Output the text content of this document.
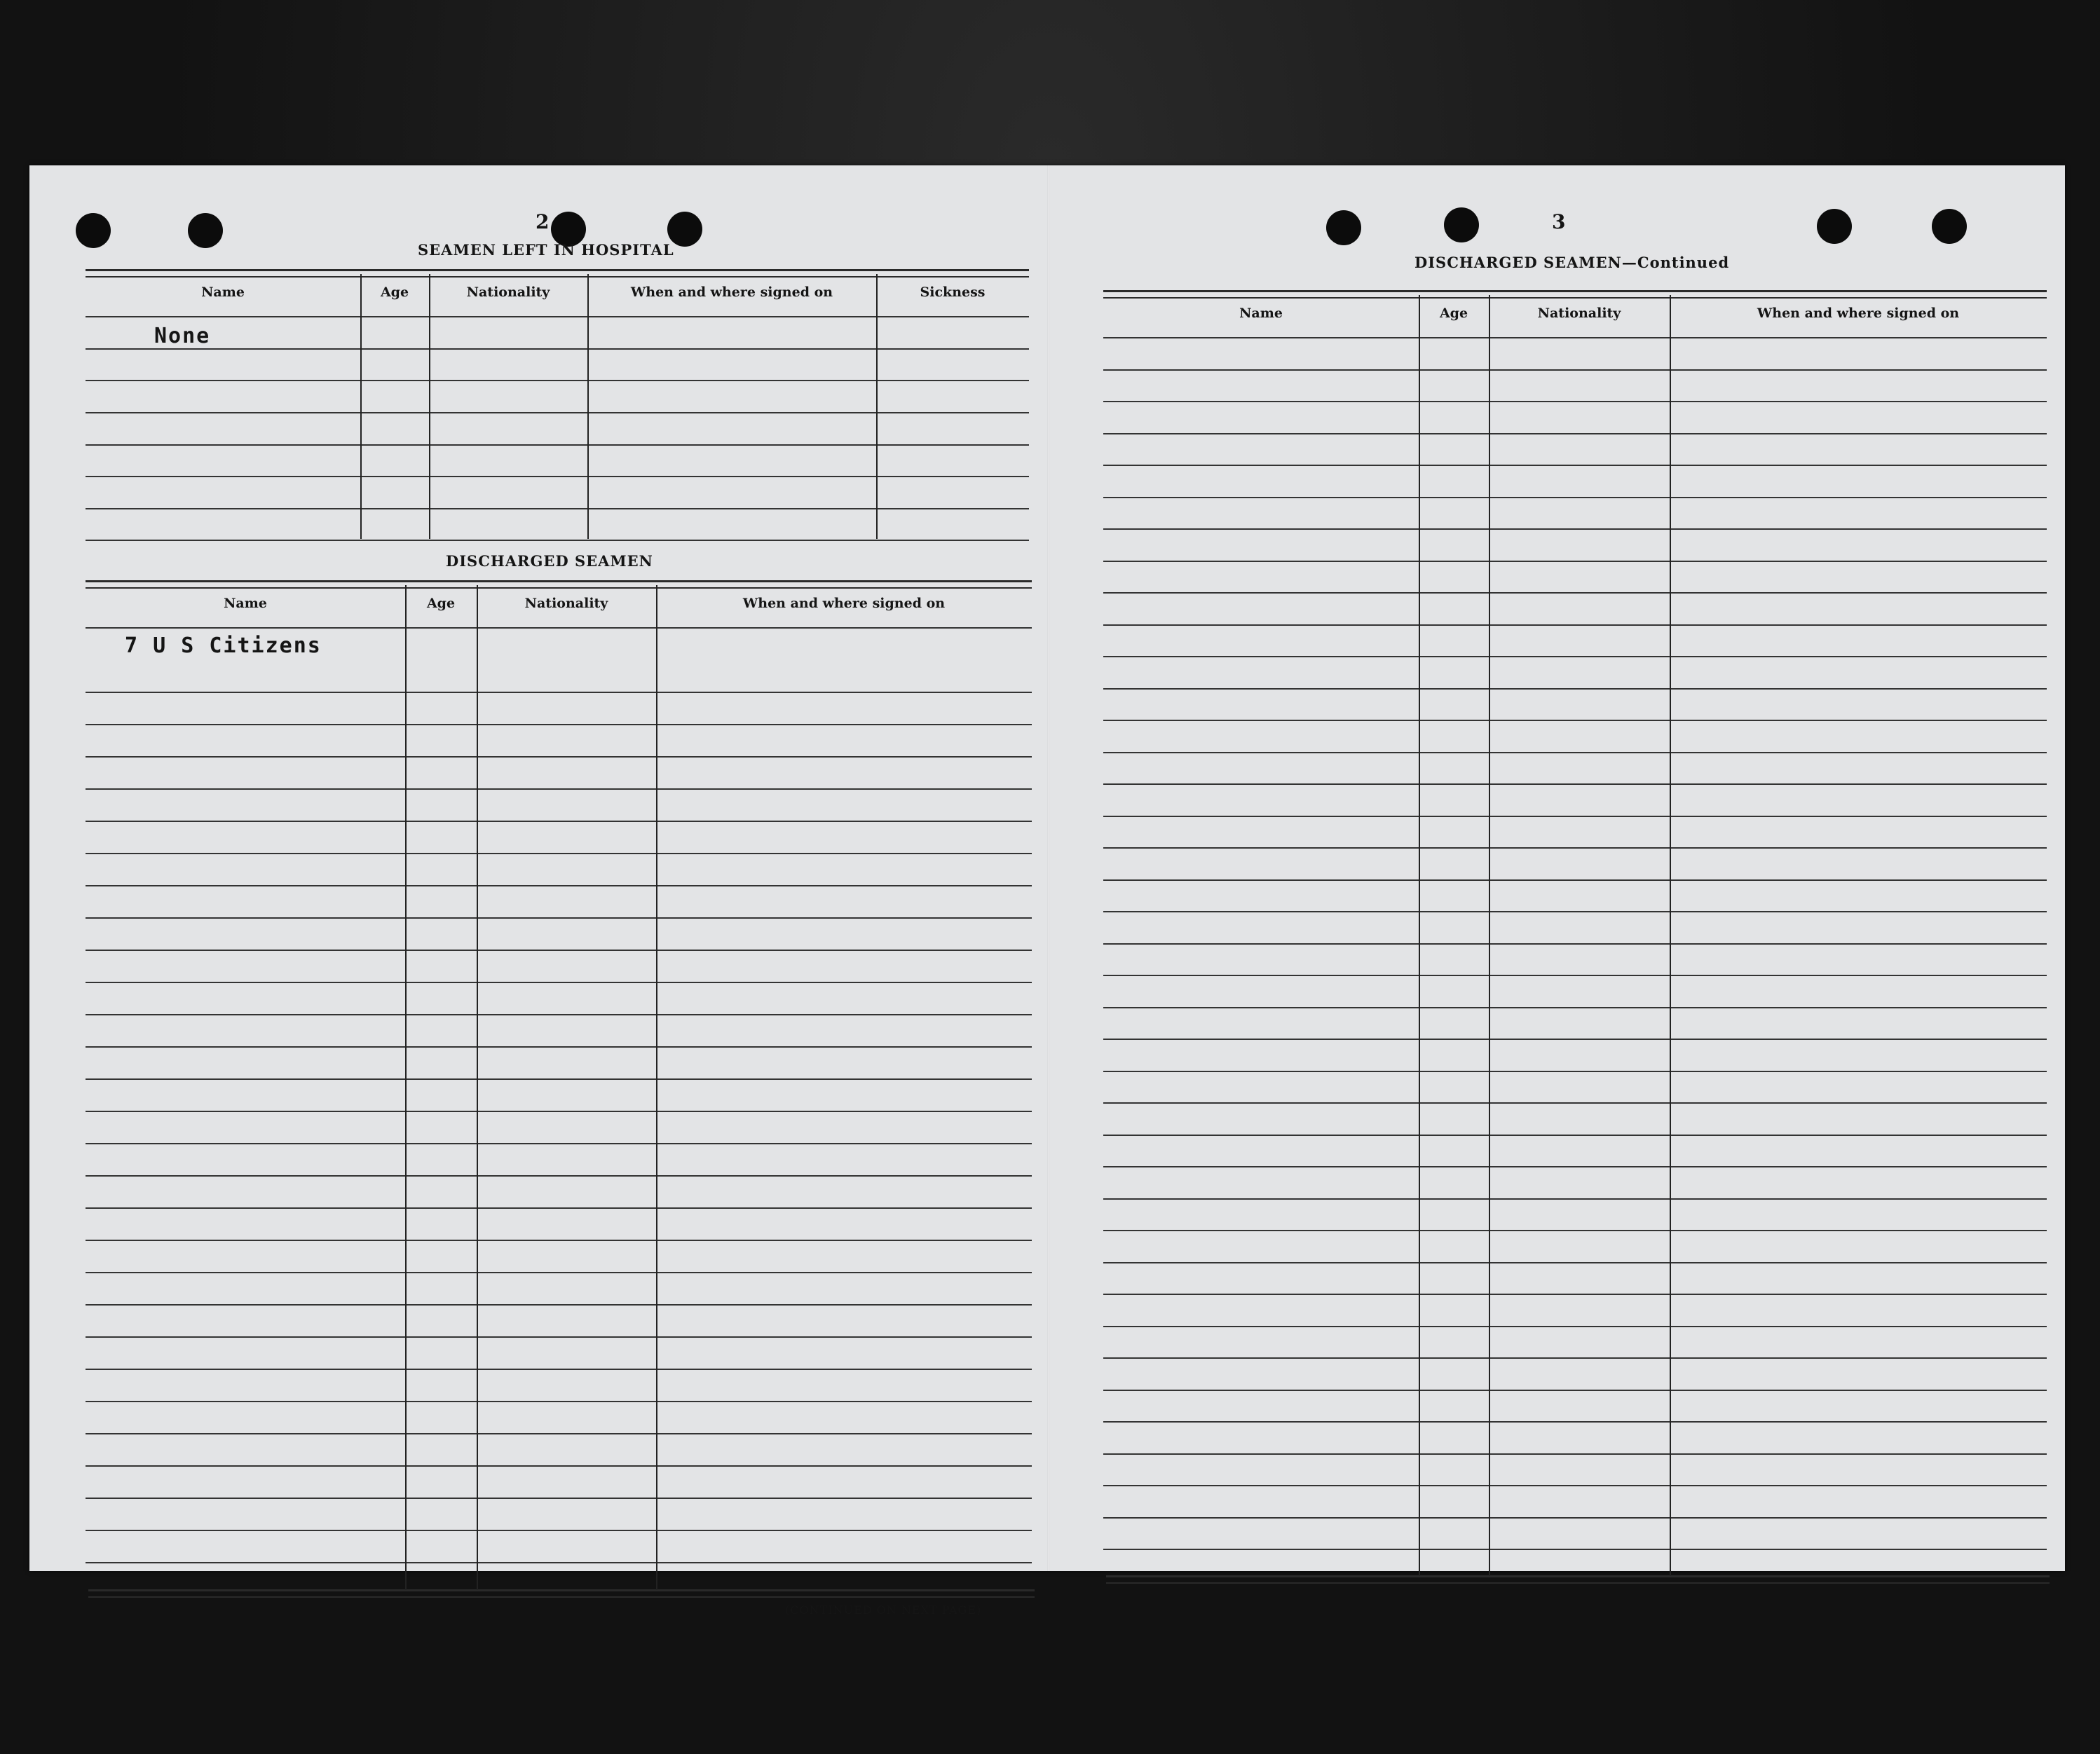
2
SEAMEN LEFT IN HOSPITAL
Name	Age	Nationality	When and where signed on	Sickness
None
DISCHARGED SEAMEN
Name	Age	Nationality	When and where signed on
7 U S Citizens
(CONTINUED ON NEXT PAGE)
3
DISCHARGED SEAMEN—Continued
Name	Age	Nationality	When and where signed on
